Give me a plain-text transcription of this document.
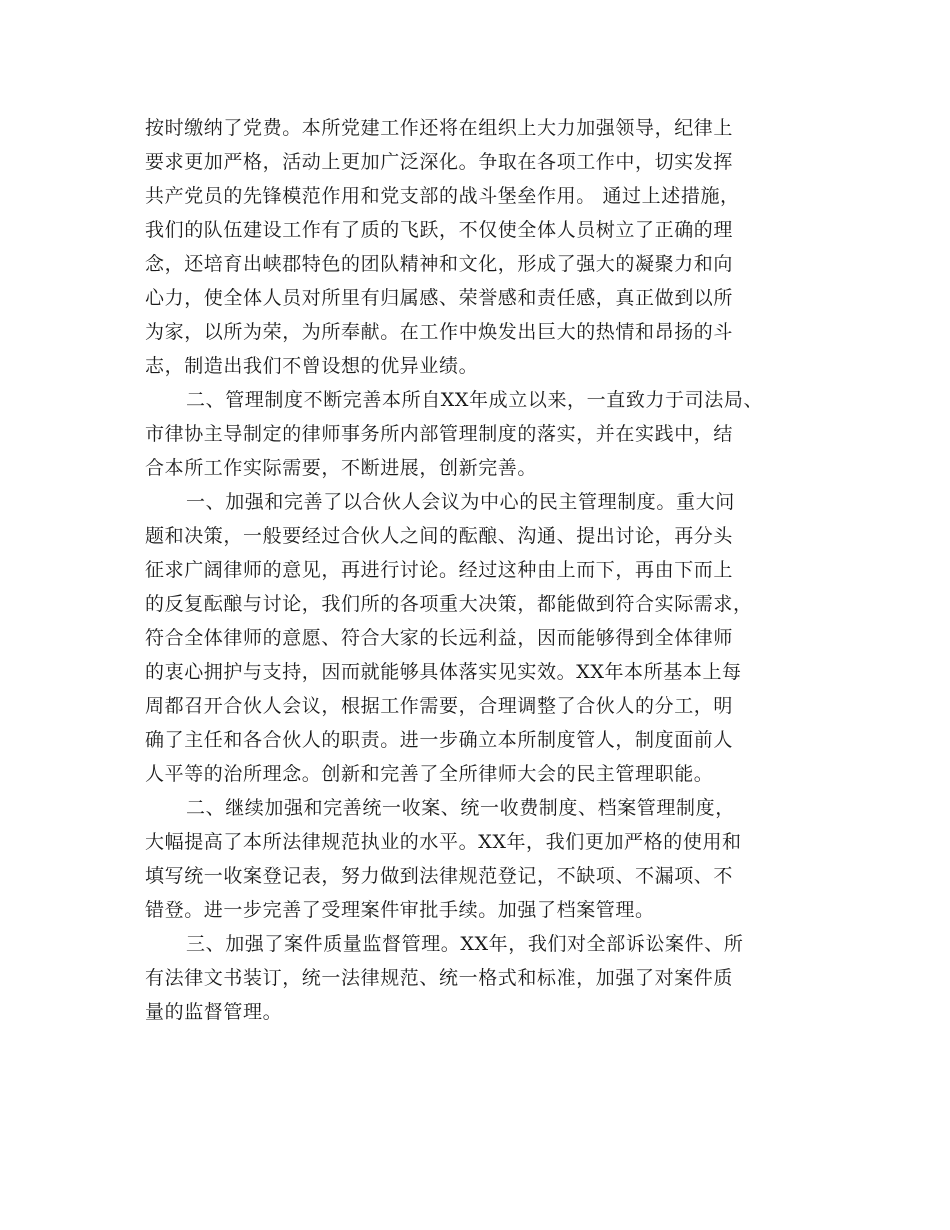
按时缴纳了党费。本所党建工作还将在组织上大力加强领导，纪律上
要求更加严格，活动上更加广泛深化。争取在各项工作中，切实发挥
共产党员的先锋模范作用和党支部的战斗堡垒作用。 通过上述措施，
我们的队伍建设工作有了质的飞跃，不仅使全体人员树立了正确的理
念，还培育出峡郡特色的团队精神和文化，形成了强大的凝聚力和向
心力，使全体人员对所里有归属感、荣誉感和责任感，真正做到以所
为家，以所为荣，为所奉献。在工作中焕发出巨大的热情和昂扬的斗
志，制造出我们不曾设想的优异业绩。
二、管理制度不断完善本所自XX年成立以来，一直致力于司法局、
市律协主导制定的律师事务所内部管理制度的落实，并在实践中，结
合本所工作实际需要，不断进展，创新完善。
一、加强和完善了以合伙人会议为中心的民主管理制度。重大问
题和决策，一般要经过合伙人之间的酝酿、沟通、提出讨论，再分头
征求广阔律师的意见，再进行讨论。经过这种由上而下，再由下而上
的反复酝酿与讨论，我们所的各项重大决策，都能做到符合实际需求，
符合全体律师的意愿、符合大家的长远利益，因而能够得到全体律师
的衷心拥护与支持，因而就能够具体落实见实效。XX年本所基本上每
周都召开合伙人会议，根据工作需要，合理调整了合伙人的分工，明
确了主任和各合伙人的职责。进一步确立本所制度管人，制度面前人
人平等的治所理念。创新和完善了全所律师大会的民主管理职能。
二、继续加强和完善统一收案、统一收费制度、档案管理制度，
大幅提高了本所法律规范执业的水平。XX年，我们更加严格的使用和
填写统一收案登记表，努力做到法律规范登记，不缺项、不漏项、不
错登。进一步完善了受理案件审批手续。加强了档案管理。
三、加强了案件质量监督管理。XX年，我们对全部诉讼案件、所
有法律文书装订，统一法律规范、统一格式和标准，加强了对案件质
量的监督管理。
